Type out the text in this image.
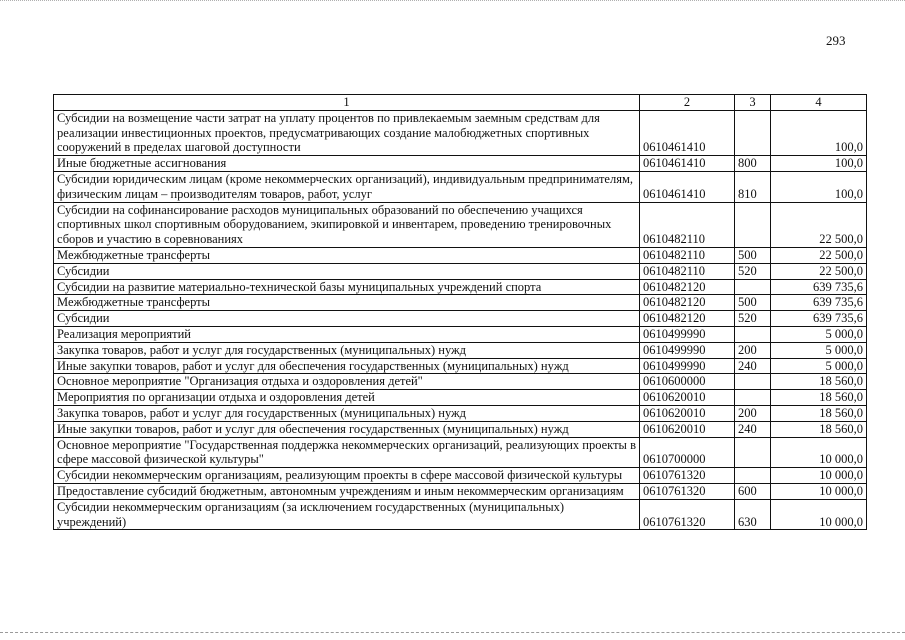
293
1	2	3	4
Субсидии на возмещение части затрат на уплату процентов по привлекаемым заемным средствам для реализации инвестиционных проектов, предусматривающих создание малобюджетных спортивных сооружений в пределах шаговой доступности	0610461410		100,0
Иные бюджетные ассигнования	0610461410	800	100,0
Субсидии юридическим лицам (кроме некоммерческих организаций), индивидуальным предпринимателям, физическим лицам – производителям товаров, работ, услуг	0610461410	810	100,0
Субсидии на софинансирование расходов муниципальных образований по обеспечению учащихся спортивных школ спортивным оборудованием, экипировкой и инвентарем, проведению тренировочных сборов и участию в соревнованиях	0610482110		22 500,0
Межбюджетные трансферты	0610482110	500	22 500,0
Субсидии	0610482110	520	22 500,0
Субсидии на развитие материально-технической базы муниципальных учреждений спорта	0610482120		639 735,6
Межбюджетные трансферты	0610482120	500	639 735,6
Субсидии	0610482120	520	639 735,6
Реализация мероприятий	0610499990		5 000,0
Закупка товаров, работ и услуг для государственных (муниципальных) нужд	0610499990	200	5 000,0
Иные закупки товаров, работ и услуг для обеспечения государственных (муниципальных) нужд	0610499990	240	5 000,0
Основное мероприятие "Организация отдыха и оздоровления детей"	0610600000		18 560,0
Мероприятия по организации отдыха и оздоровления детей	0610620010		18 560,0
Закупка товаров, работ и услуг для государственных (муниципальных) нужд	0610620010	200	18 560,0
Иные закупки товаров, работ и услуг для обеспечения государственных (муниципальных) нужд	0610620010	240	18 560,0
Основное мероприятие "Государственная поддержка некоммерческих организаций, реализующих проекты в сфере массовой физической культуры"	0610700000		10 000,0
Субсидии некоммерческим организациям, реализующим проекты в сфере массовой физической культуры	0610761320		10 000,0
Предоставление субсидий бюджетным, автономным учреждениям и иным некоммерческим организациям	0610761320	600	10 000,0
Субсидии некоммерческим организациям (за исключением государственных (муниципальных) учреждений)	0610761320	630	10 000,0
